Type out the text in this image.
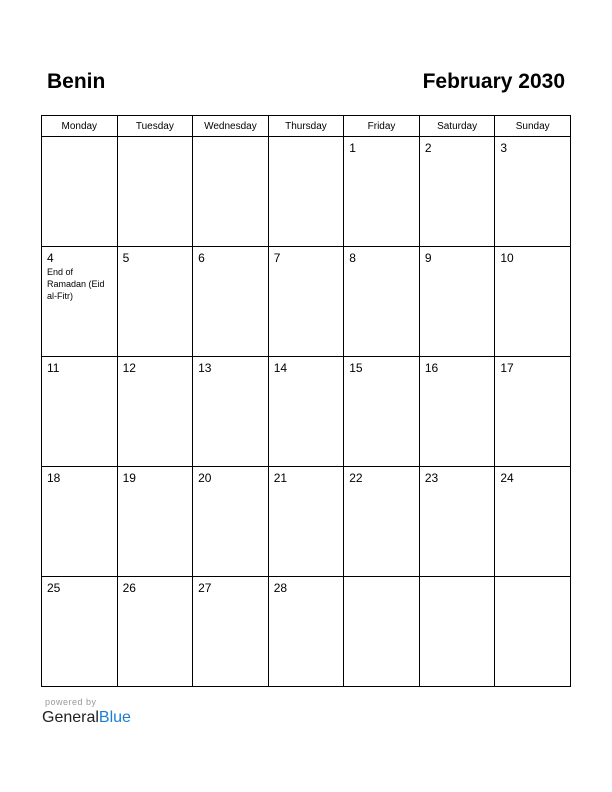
Benin	February 2030
Monday	Tuesday	Wednesday	Thursday	Friday	Saturday	Sunday

				1	2	3

4
End of Ramadan (Eid al-Fitr)	5	6	7	8	9	10

11	12	13	14	15	16	17

18	19	20	21	22	23	24

25	26	27	28			

powered by
GeneralBlue
